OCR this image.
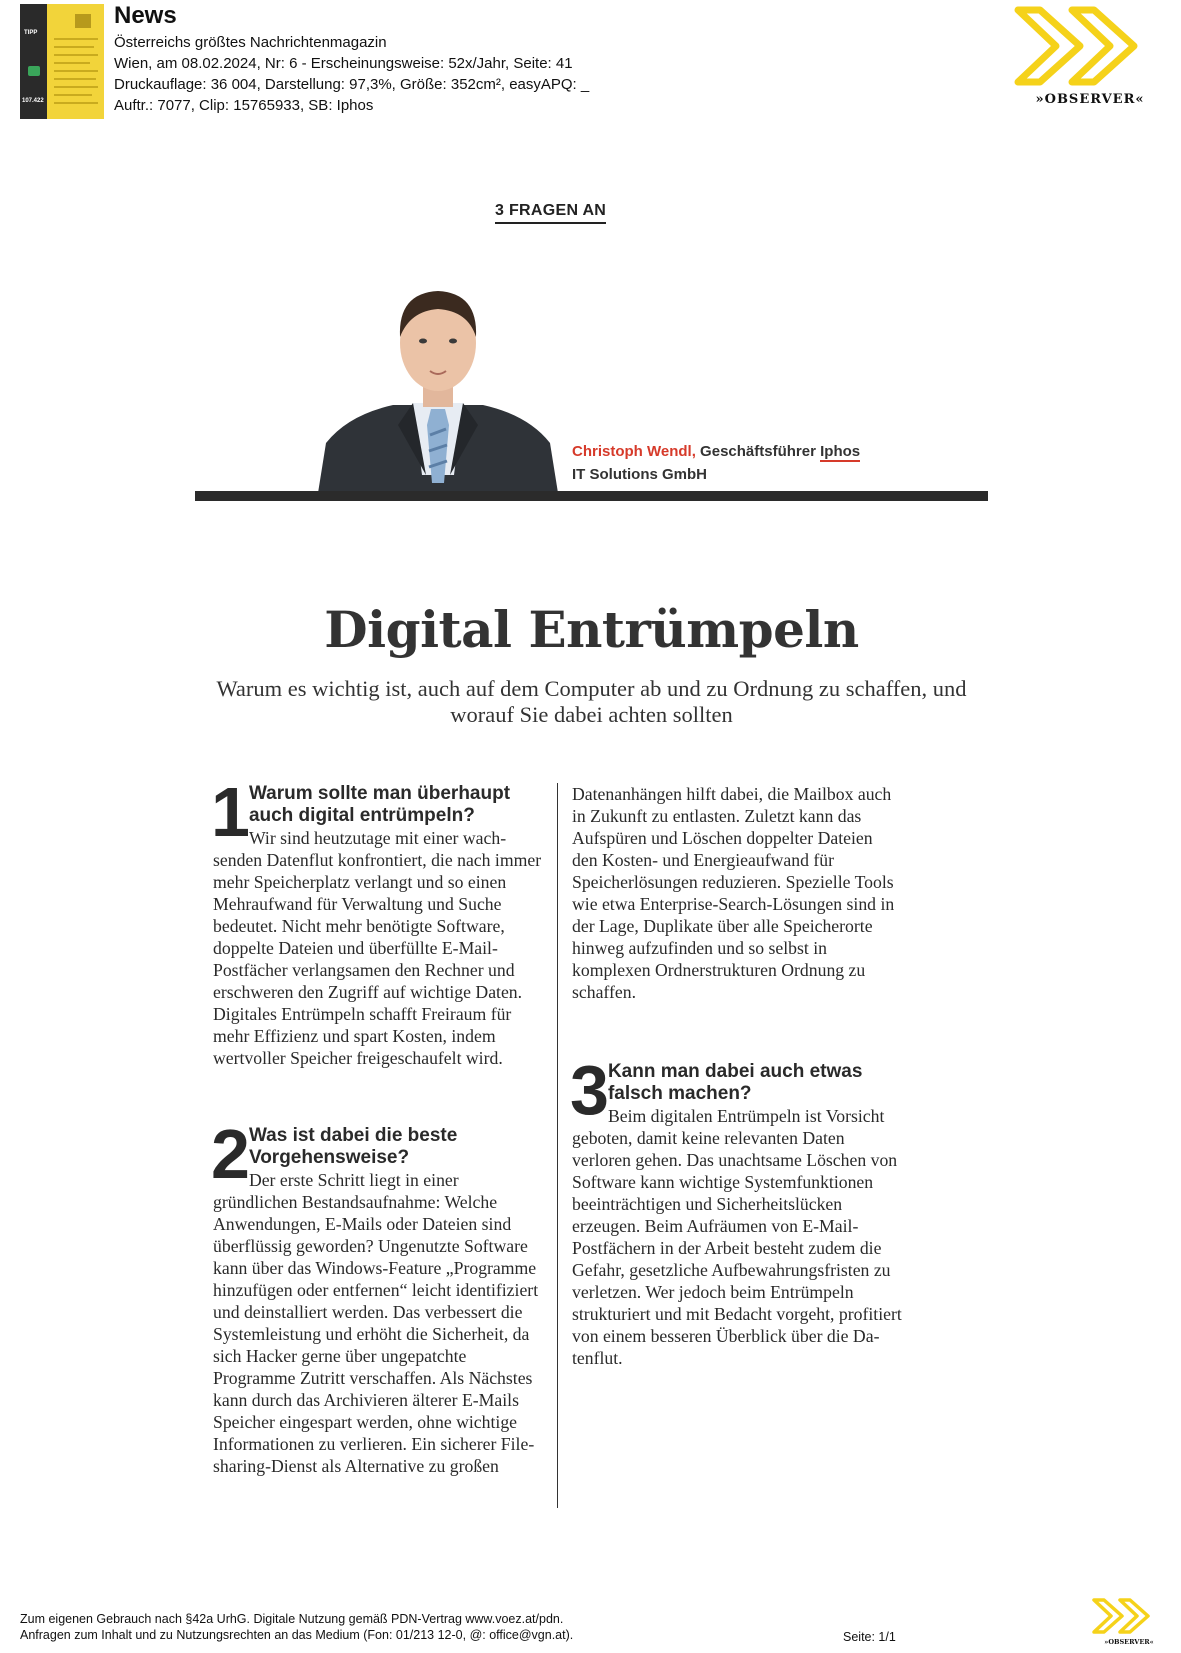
TIPP
107.422
News
Österreichs größtes Nachrichtenmagazin
Wien, am 08.02.2024, Nr: 6 - Erscheinungsweise: 52x/Jahr, Seite: 41
Druckauflage: 36 004, Darstellung: 97,3%, Größe: 352cm², easyAPQ: _
Auftr.: 7077, Clip: 15765933, SB: Iphos	»OBSERVER«
3 FRAGEN AN
Christoph Wendl, Geschäftsführer Iphos
IT Solutions GmbH
Digital Entrümpeln
Warum es wichtig ist, auch auf dem Computer ab und zu Ordnung zu schaffen, und worauf Sie dabei achten sollten
1 Warum sollte man überhaupt auch digital entrümpeln?
Wir sind heutzutage mit einer wachsenden Datenflut konfrontiert, die nach immer mehr Speicherplatz verlangt und so einen Mehraufwand für Verwaltung und Suche bedeutet. Nicht mehr benötigte Software, doppelte Dateien und überfüllte E-Mail-Postfächer verlangsamen den Rechner und erschweren den Zugriff auf wichtige Daten. Digitales Entrümpeln schafft Freiraum für mehr Effizienz und spart Kosten, indem wertvoller Speicher freigeschaufelt wird.
2 Was ist dabei die beste Vorgehensweise?
Der erste Schritt liegt in einer gründlichen Bestandsaufnahme: Welche Anwendungen, E-Mails oder Dateien sind überflüssig geworden? Ungenutzte Software kann über das Windows-Feature „Programme hinzufügen oder entfernen“ leicht identifiziert und deinstalliert werden. Das verbessert die Systemleistung und erhöht die Sicherheit, da sich Hacker gerne über ungepatchte Programme Zutritt verschaffen. Als Nächstes kann durch das Archivieren älterer E-Mails Speicher eingespart werden, ohne wichtige Informationen zu verlieren. Ein sicherer Filesharing-Dienst als Alternative zu großen
Datenanhängen hilft dabei, die Mailbox auch in Zukunft zu entlasten. Zuletzt kann das Aufspüren und Löschen doppelter Dateien den Kosten- und Energieaufwand für Speicherlösungen reduzieren. Spezielle Tools wie etwa Enterprise-Search-Lösungen sind in der Lage, Duplikate über alle Speicherorte hinweg aufzufinden und so selbst in komplexen Ordnerstrukturen Ordnung zu schaffen.
3 Kann man dabei auch etwas falsch machen?
Beim digitalen Entrümpeln ist Vorsicht geboten, damit keine relevanten Daten verloren gehen. Das unachtsame Löschen von Software kann wichtige Systemfunktionen beeinträchtigen und Sicherheitslücken erzeugen. Beim Aufräumen von E-Mail-Postfächern in der Arbeit besteht zudem die Gefahr, gesetzliche Aufbewahrungsfristen zu verletzen. Wer jedoch beim Entrümpeln strukturiert und mit Bedacht vorgeht, profitiert von einem besseren Überblick über die Datenflut.
Zum eigenen Gebrauch nach §42a UrhG. Digitale Nutzung gemäß PDN-Vertrag www.voez.at/pdn.
Anfragen zum Inhalt und zu Nutzungsrechten an das Medium (Fon: 01/213 12-0, @: office@vgn.at).	Seite: 1/1	»OBSERVER«
